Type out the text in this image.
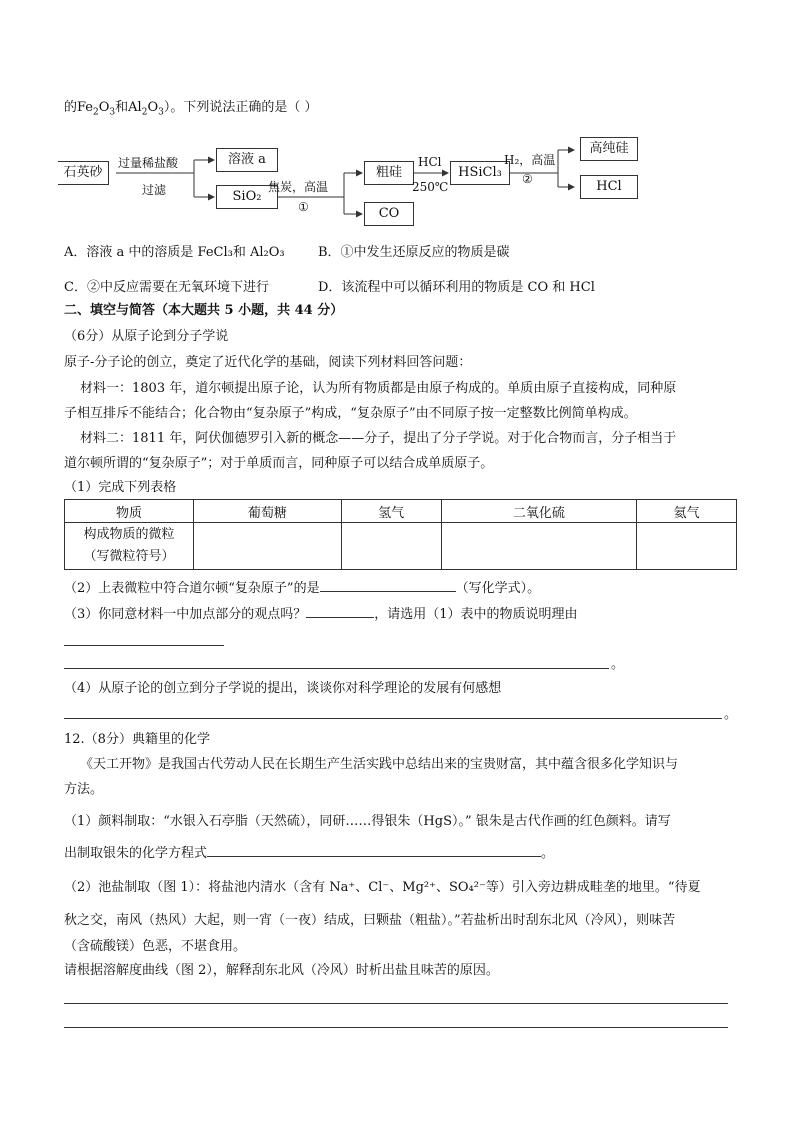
的$Fe_2O_3$和$Al_2O_3$）。下列说法正确的是（ ）
石英砂
过量稀盐酸
过滤
溶液 a
SiO₂
焦炭，高温
①
粗硅
CO
HCl
250℃
HSiCl₃
H₂，高温
②
高纯硅
HCl
A．溶液 a 中的溶质是 FeCl₃和 Al₂O₃	B．①中发生还原反应的物质是碳
C．②中反应需要在无氧环境下进行	D．该流程中可以循环利用的物质是 CO 和 HCl
二、填空与简答（本大题共 5 小题，共 44 分）
（6分）从原子论到分子学说
原子-分子论的创立，奠定了近代化学的基础，阅读下列材料回答问题：
材料一：1803 年，道尔顿提出原子论，认为所有物质都是由原子构成的。单质由原子直接构成，同种原
子相互排斥不能结合；化合物由“复杂原子”构成，“复杂原子”由不同原子按一定整数比例简单构成。
材料二：1811 年，阿伏伽德罗引入新的概念——分子，提出了分子学说。对于化合物而言，分子相当于
道尔顿所谓的“复杂原子”；对于单质而言，同种原子可以结合成单质原子。
（1）完成下列表格
物质	葡萄糖	氢气	二氧化硫	氦气

构成物质的微粒
（写微粒符号）				

（2）上表微粒中符合道尔顿“复杂原子”的是	（写化学式）。
（3）你同意材料一中加点部分的观点吗？	，请选用（1）表中的物质说明理由
。
（4）从原子论的创立到分子学说的提出，谈谈你对科学理论的发展有何感想
。
12.（8分）典籍里的化学
《天工开物》是我国古代劳动人民在长期生产生活实践中总结出来的宝贵财富，其中蕴含很多化学知识与
方法。
（1）颜料制取：“水银入石亭脂（天然硫），同研……得银朱（HgS）。” 银朱是古代作画的红色颜料。请写
出制取银朱的化学方程式	。
（2）池盐制取（图 1）：将盐池内清水（含有 Na⁺、Cl⁻、Mg²⁺、SO₄²⁻等）引入旁边耕成畦垄的地里。“待夏
秋之交，南风（热风）大起，则一宵（一夜）结成，曰颗盐（粗盐）。”若盐析出时刮东北风（冷风），则味苦
（含硫酸镁）色恶，不堪食用。
请根据溶解度曲线（图 2），解释刮东北风（冷风）时析出盐且味苦的原因。
